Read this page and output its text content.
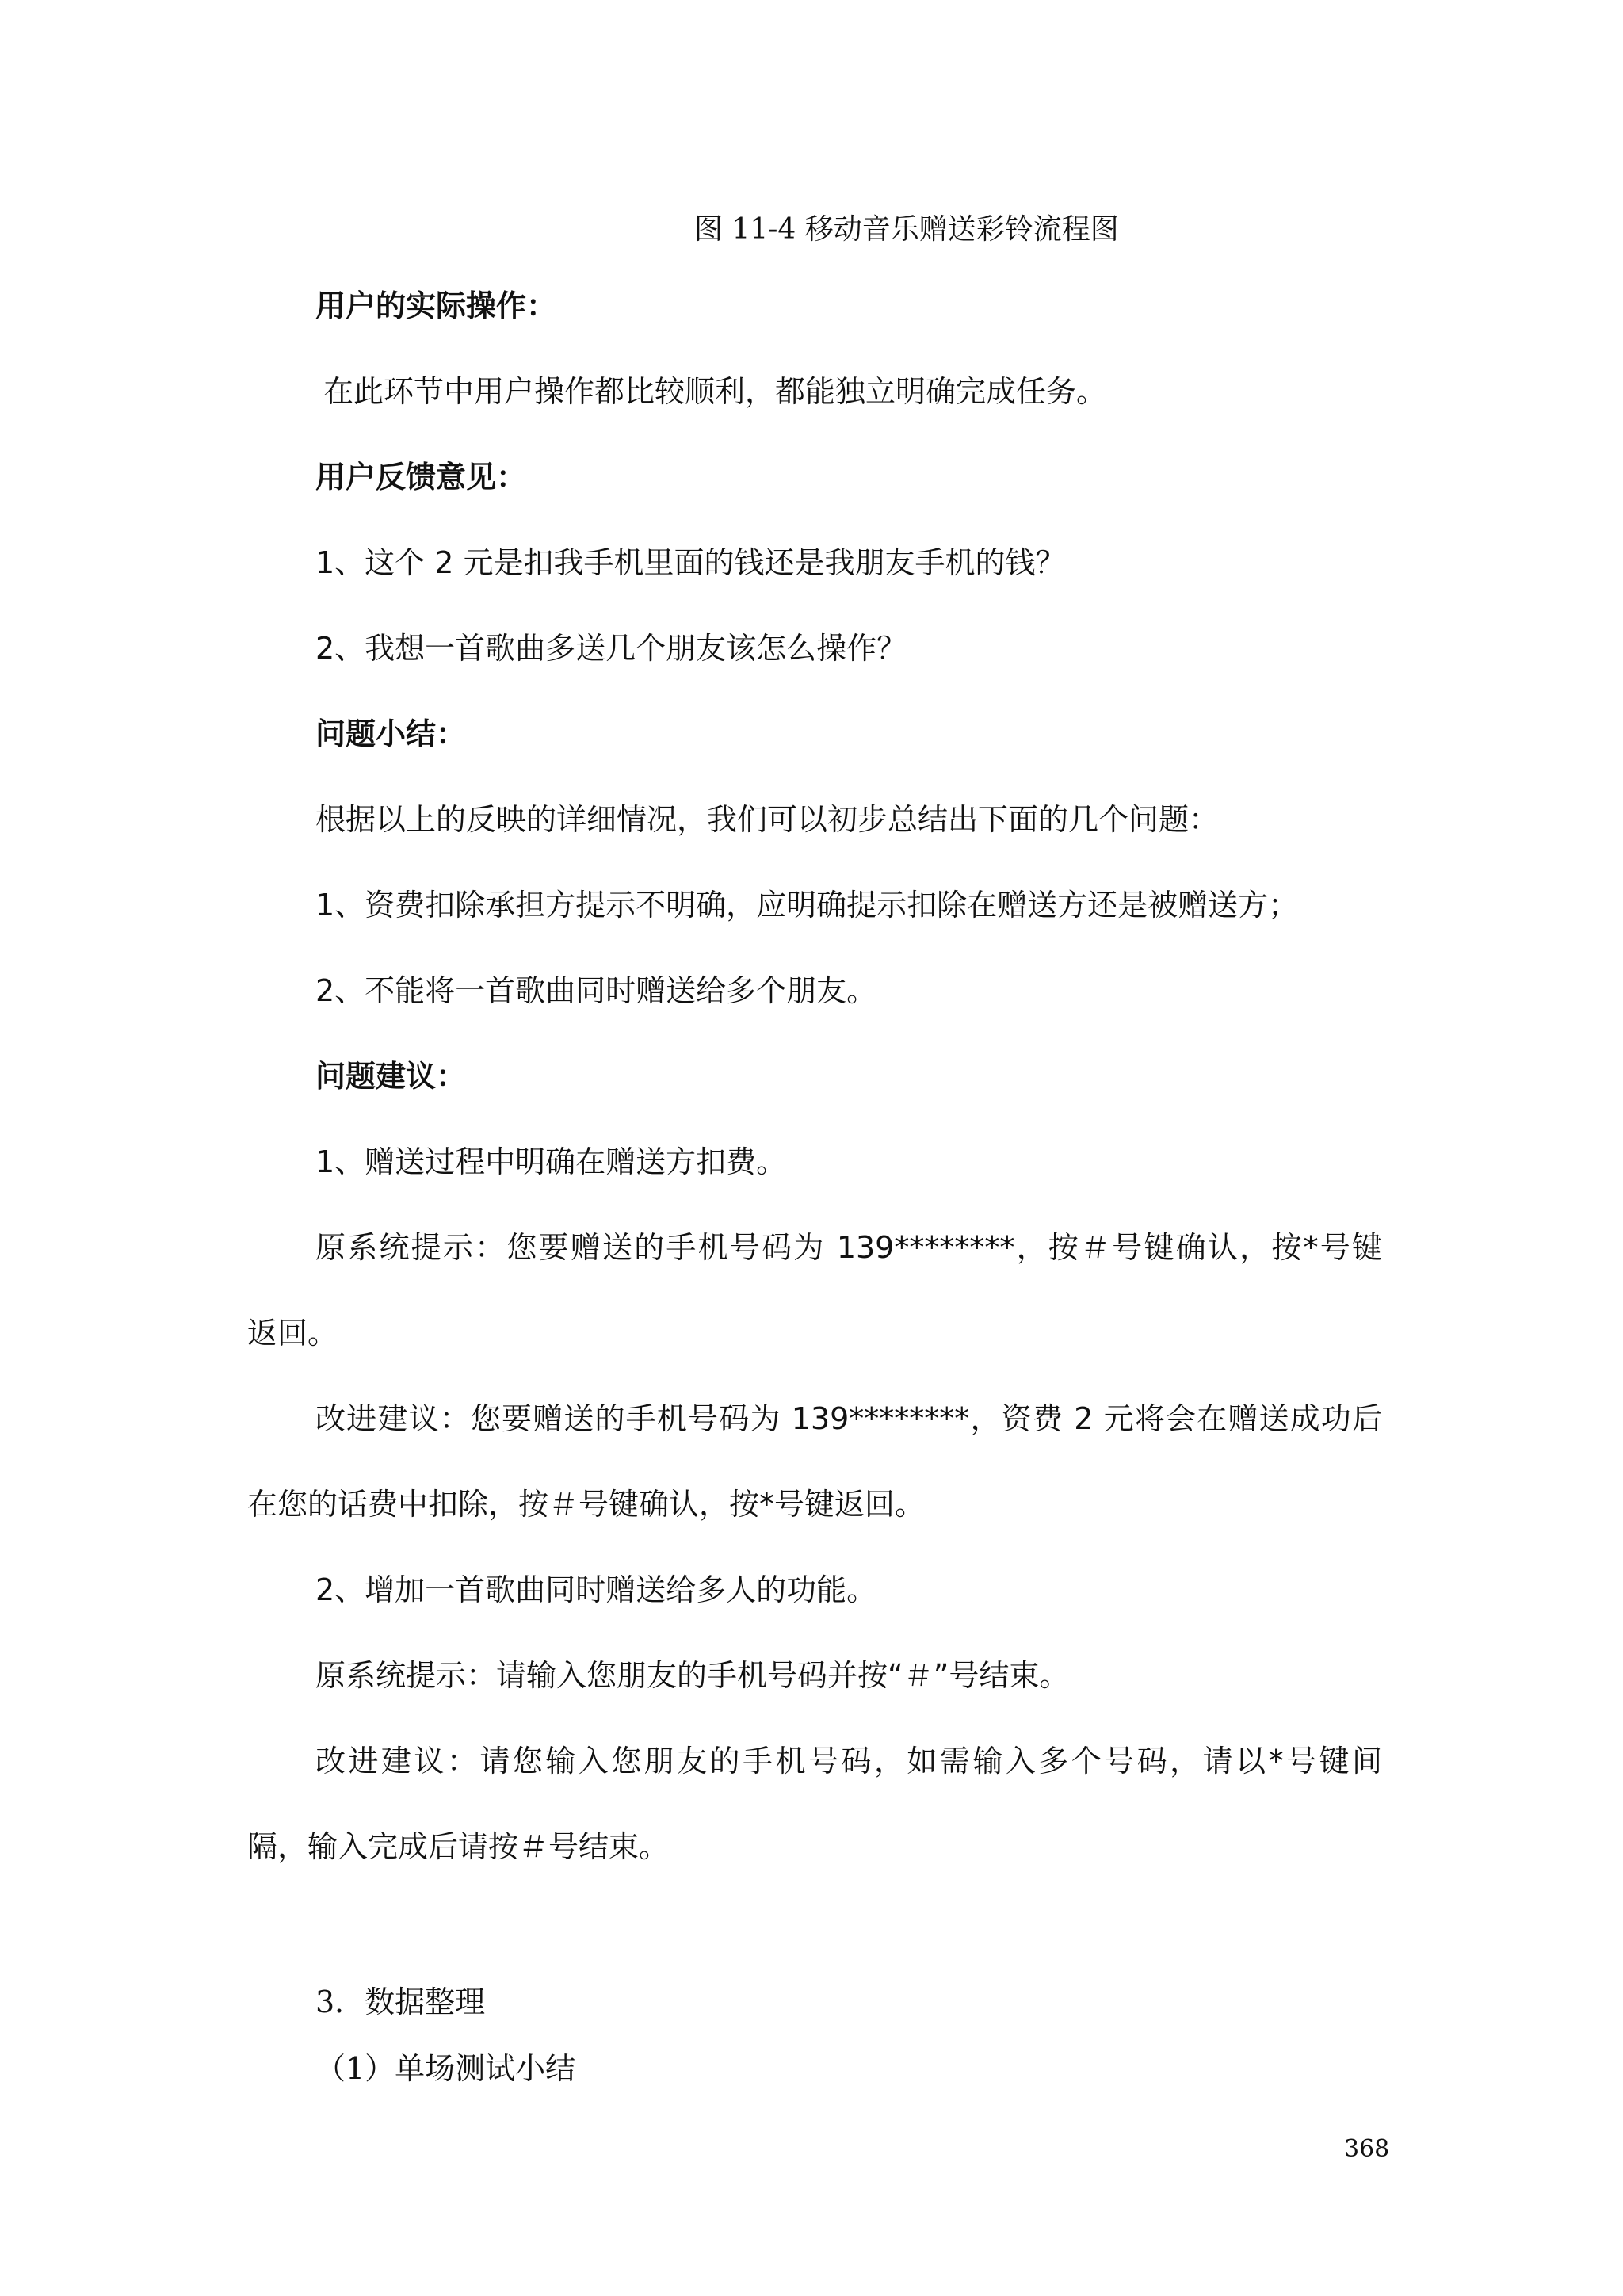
图 11-4 移动音乐赠送彩铃流程图

用户的实际操作：

在此环节中用户操作都比较顺利，都能独立明确完成任务。

用户反馈意见：

1、这个 2 元是扣我手机里面的钱还是我朋友手机的钱？

2、我想一首歌曲多送几个朋友该怎么操作？

问题小结：

根据以上的反映的详细情况，我们可以初步总结出下面的几个问题：

1、资费扣除承担方提示不明确，应明确提示扣除在赠送方还是被赠送方；

2、不能将一首歌曲同时赠送给多个朋友。

问题建议：

1、赠送过程中明确在赠送方扣费。

原系统提示：您要赠送的手机号码为 139********，按＃号键确认，按*号键

返回。

改进建议：您要赠送的手机号码为 139********，资费 2 元将会在赠送成功后

在您的话费中扣除，按＃号键确认，按*号键返回。

2、增加一首歌曲同时赠送给多人的功能。

原系统提示：请输入您朋友的手机号码并按“＃”号结束。

改进建议：请您输入您朋友的手机号码，如需输入多个号码，请以*号键间

隔，输入完成后请按＃号结束。

3．数据整理

（1）单场测试小结

368
